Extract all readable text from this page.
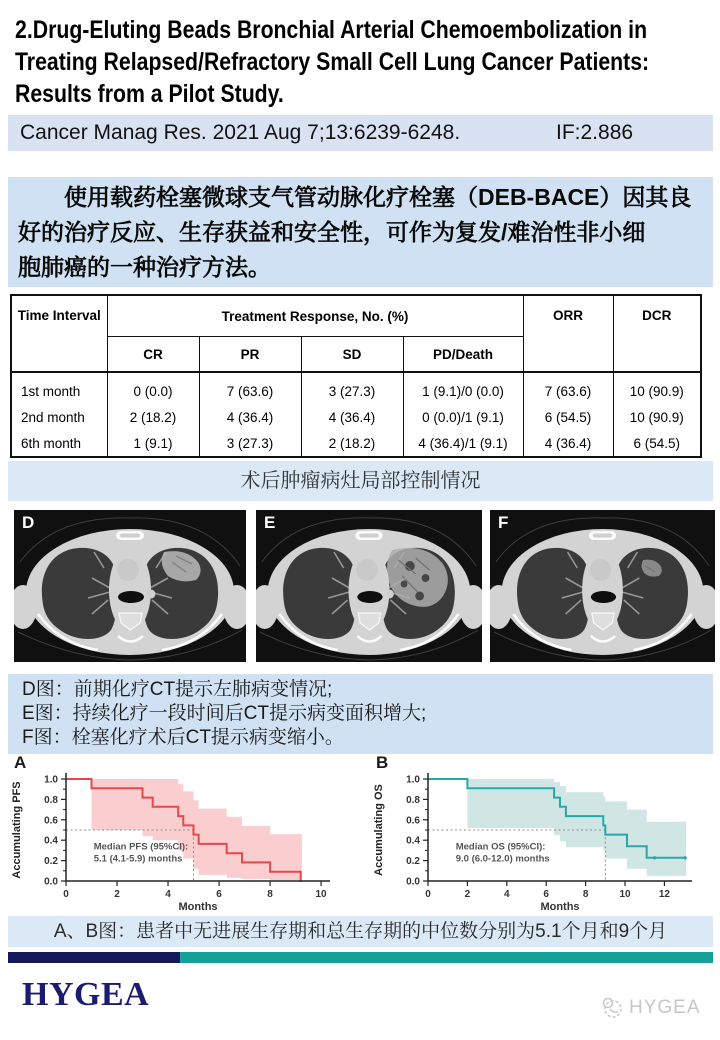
2.Drug-Eluting Beads Bronchial Arterial Chemoembolization in
Treating Relapsed/Refractory Small Cell Lung Cancer Patients:
Results from a Pilot Study.
Cancer Manag Res. 2021 Aug 7;13:6239-6248.	IF:2.886
使用载药栓塞微球支气管动脉化疗栓塞（DEB-BACE）因其良
好的治疗反应、生存获益和安全性，可作为复发/难治性非小细
胞肺癌的一种治疗方法。
Time Interval	Treatment Response, No. (%)				ORR	DCR
	CR	PR	SD	PD/Death		
1st month	0 (0.0)	7 (63.6)	3 (27.3)	1 (9.1)/0 (0.0)	7 (63.6)	10 (90.9)
2nd month	2 (18.2)	4 (36.4)	4 (36.4)	0 (0.0)/1 (9.1)	6 (54.5)	10 (90.9)
6th month	1 (9.1)	3 (27.3)	2 (18.2)	4 (36.4)/1 (9.1)	4 (36.4)	6 (54.5)
术后肿瘤病灶局部控制情况
D	E	F
D图：前期化疗CT提示左肺病变情况;
E图：持续化疗一段时间后CT提示病变面积增大;
F图：栓塞化疗术后CT提示病变缩小。
A
0.0
0.2
0.4
0.6
0.8
1.0
0	2	4	6	8	10
Accumulating PFS
Months
Median PFS (95%CI):
5.1 (4.1-5.9) months
B
0.0
0.2
0.4
0.6
0.8
1.0
0	2	4	6	8	10	12
Accumulating OS
Months
Median OS (95%CI):
9.0 (6.0-12.0) months
A、B图：患者中无进展生存期和总生存期的中位数分别为5.1个月和9个月
HYGEA	HYGEA
